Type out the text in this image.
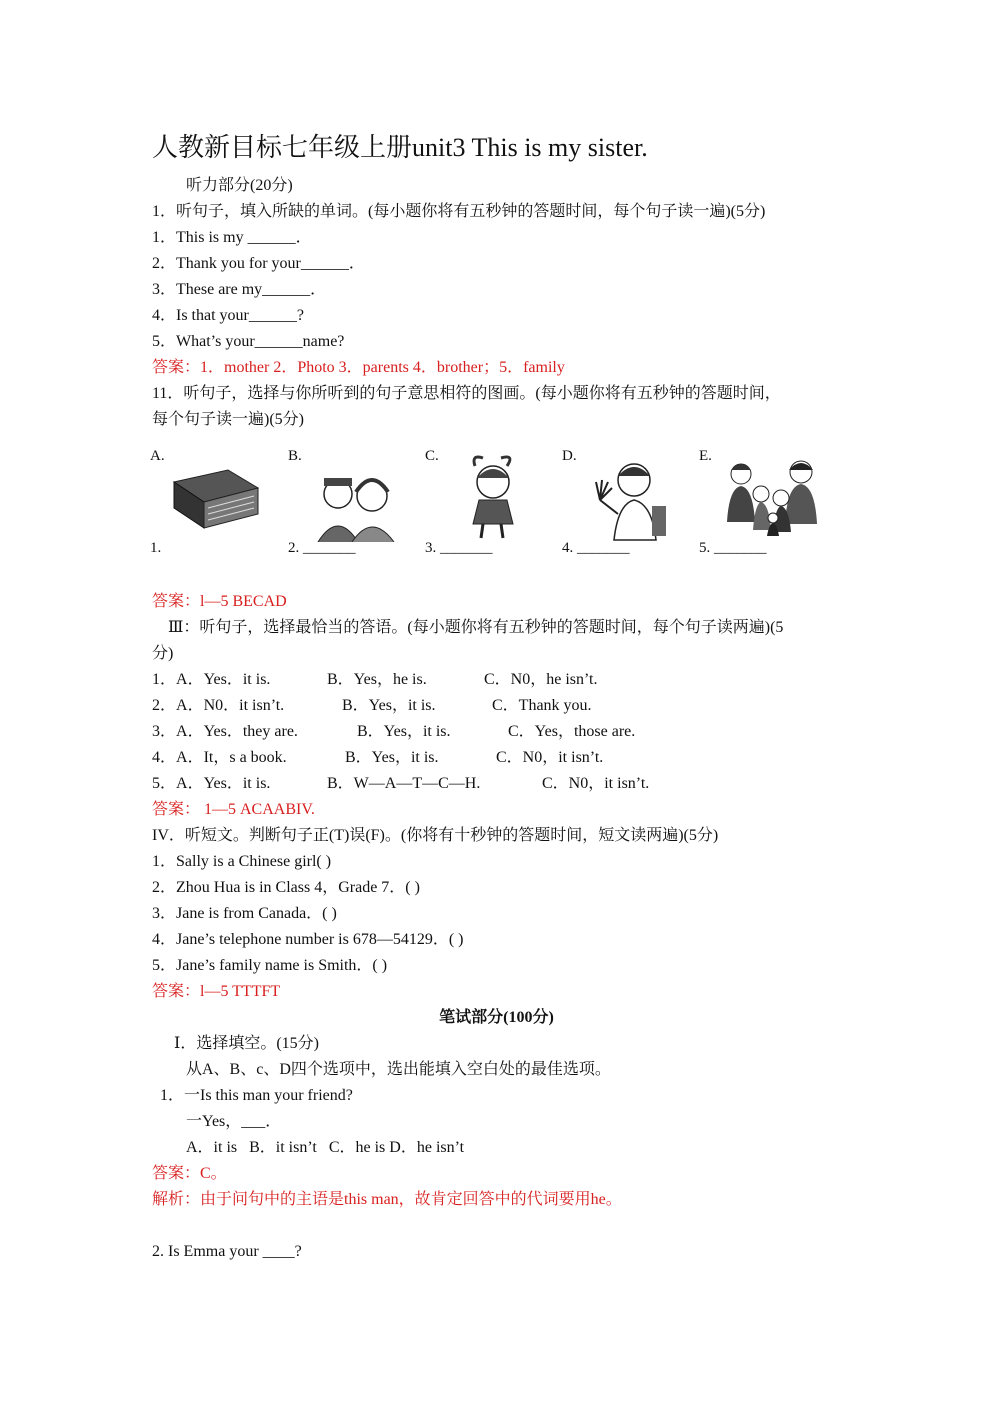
人教新目标七年级上册unit3 This is my sister.
听力部分(20分)
1．听句子，填入所缺的单词。(每小题你将有五秒钟的答题时间，每个句子读一遍)(5分)
1．This is my ______．
2．Thank you for your______．
3．These are my______．
4．Is that your______?
5．What’s your______name?
答案：1．mother 2．Photo 3．parents 4．brother；5．family
11．听句子，选择与你所听到的句子意思相符的图画。(每小题你将有五秒钟的答题时间，
每个句子读一遍)(5分)
A.
1.
B.
2. _______
C.
3. _______
D.
4. _______
E.
5. _______
答案：l—5 BECAD
Ⅲ：听句子，选择最恰当的答语。(每小题你将有五秒钟的答题时间，每个句子读两遍)(5
分)
1．A．Yes．it is.	B．Yes，he is.	C．N0，he isn’t.
2．A．N0．it isn’t.	B．Yes，it is.	C．Thank you.
3．A．Yes．they are.	B．Yes，it is.	C．Yes，those are.
4．A．It，s a book.	B．Yes，it is.	C．N0，it isn’t.
5．A．Yes．it is.	B．W—A—T—C—H.	C．N0，it isn’t.
答案： 1—5 ACAABIV.
IV．听短文。判断句子正(T)误(F)。(你将有十秒钟的答题时间，短文读两遍)(5分)
1．Sally is a Chinese girl( )
2．Zhou Hua is in Class 4，Grade 7．( )
3．Jane is from Canada．( )
4．Jane’s telephone number is 678—54129．( )
5．Jane’s family name is Smith．( )
答案：l—5 TTTFT
笔试部分(100分)
Ⅰ．选择填空。(15分)
从A、B、c、D四个选项中，选出能填入空白处的最佳选项。
1．一Is this man your friend?
一Yes，___．
A．it is   B．it isn’t   C．he is D．he isn’t
答案：C。
解析：由于问句中的主语是this man，故肯定回答中的代词要用he。
2. Is Emma your ____?
